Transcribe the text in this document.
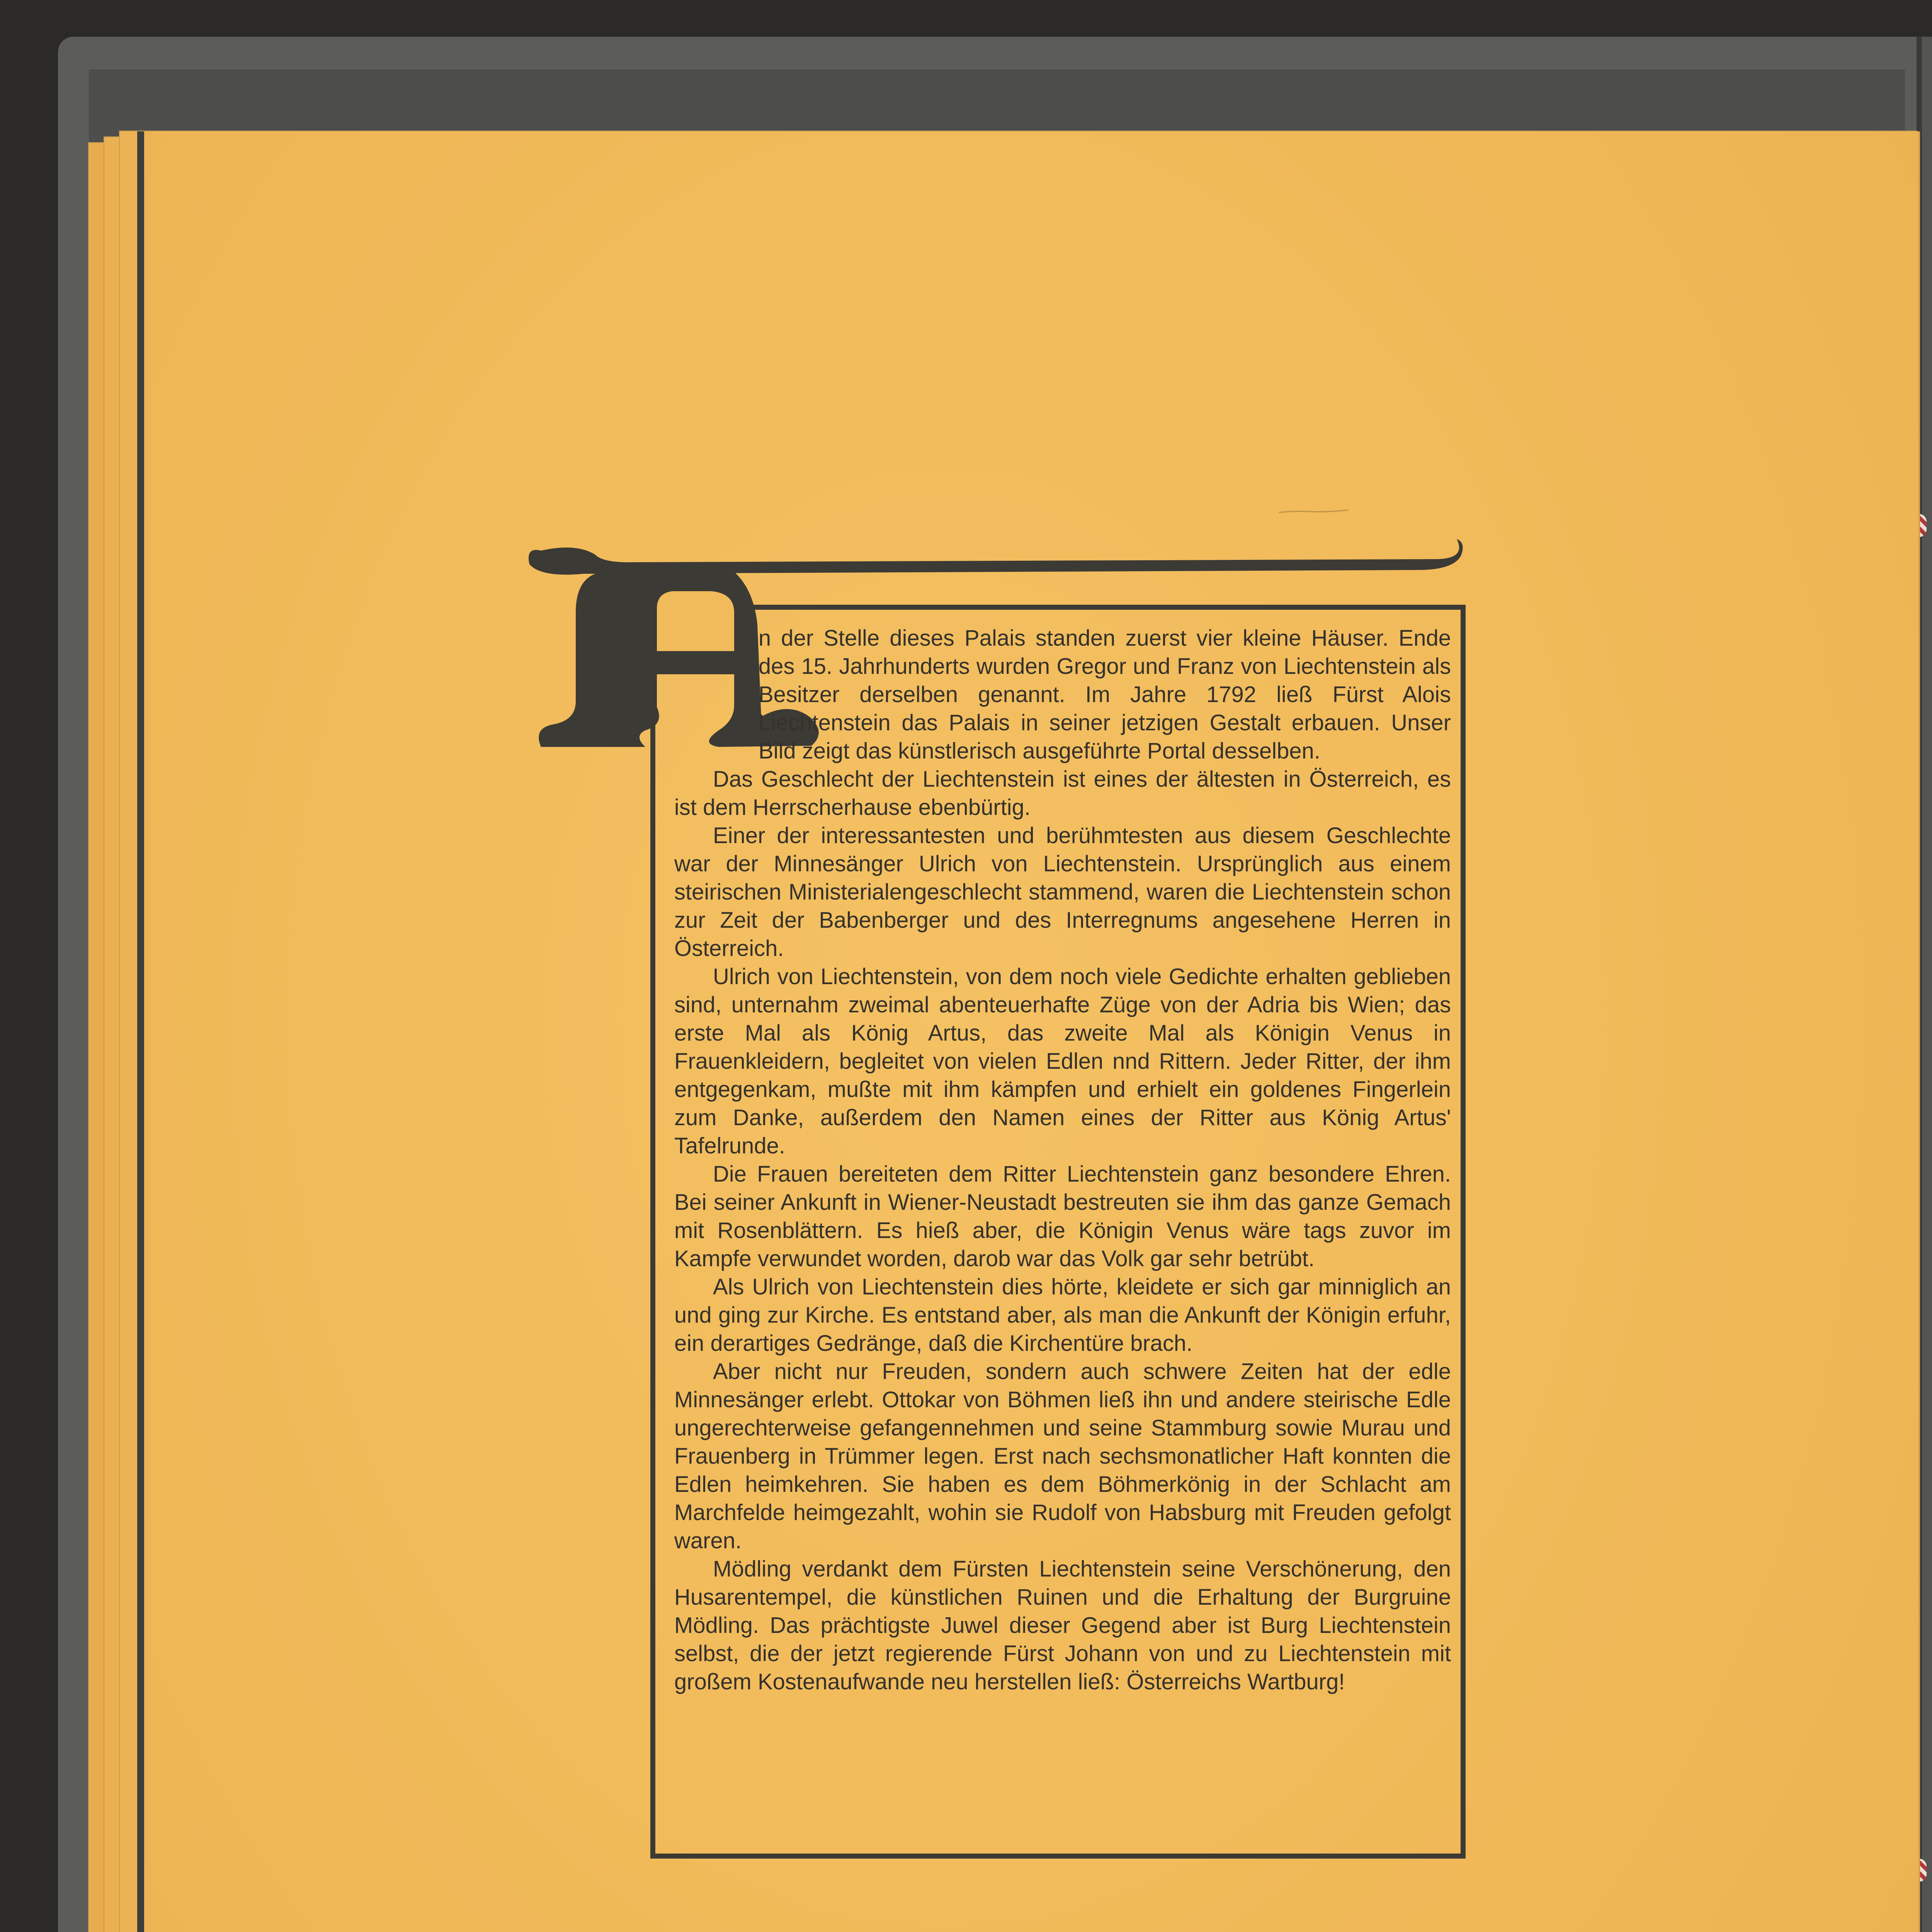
n der Stelle dieses Palais standen zuerst vier kleine Häuser. Ende des 15. Jahrhunderts wurden Gregor und Franz von Liechtenstein als Besitzer derselben genannt. Im Jahre 1792 ließ Fürst Alois Liechtenstein das Palais in seiner jetzigen Gestalt erbauen. Unser Bild zeigt das künstlerisch ausgeführte Portal desselben.

Das Geschlecht der Liechtenstein ist eines der ältesten in Österreich, es ist dem Herrscherhause ebenbürtig.

Einer der interessantesten und berühmtesten aus diesem Geschlechte war der Minnesänger Ulrich von Liechtenstein. Ursprünglich aus einem steirischen Ministerialengeschlecht stammend, waren die Liechtenstein schon zur Zeit der Babenberger und des Interregnums angesehene Herren in Österreich.

Ulrich von Liechtenstein, von dem noch viele Gedichte erhalten geblieben sind, unternahm zweimal abenteuerhafte Züge von der Adria bis Wien; das erste Mal als König Artus, das zweite Mal als Königin Venus in Frauenkleidern, begleitet von vielen Edlen nnd Rittern. Jeder Ritter, der ihm entgegenkam, mußte mit ihm kämpfen und erhielt ein goldenes Fingerlein zum Danke, außerdem den Namen eines der Ritter aus König Artus' Tafelrunde.

Die Frauen bereiteten dem Ritter Liechtenstein ganz besondere Ehren. Bei seiner Ankunft in Wiener-Neustadt bestreuten sie ihm das ganze Gemach mit Rosenblättern. Es hieß aber, die Königin Venus wäre tags zuvor im Kampfe verwundet worden, darob war das Volk gar sehr betrübt.

Als Ulrich von Liechtenstein dies hörte, kleidete er sich gar minniglich an und ging zur Kirche. Es entstand aber, als man die Ankunft der Königin erfuhr, ein derartiges Gedränge, daß die Kirchentüre brach.

Aber nicht nur Freuden, sondern auch schwere Zeiten hat der edle Minnesänger erlebt. Ottokar von Böhmen ließ ihn und andere steirische Edle ungerechterweise gefangennehmen und seine Stammburg sowie Murau und Frauenberg in Trümmer legen. Erst nach sechsmonatlicher Haft konnten die Edlen heimkehren. Sie haben es dem Böhmerkönig in der Schlacht am Marchfelde heimgezahlt, wohin sie Rudolf von Habsburg mit Freuden gefolgt waren.

Mödling verdankt dem Fürsten Liechtenstein seine Verschönerung, den Husarentempel, die künstlichen Ruinen und die Erhaltung der Burgruine Mödling. Das prächtigste Juwel dieser Gegend aber ist Burg Liechtenstein selbst, die der jetzt regierende Fürst Johann von und zu Liechtenstein mit großem Kostenaufwande neu herstellen ließ: Österreichs Wartburg!
